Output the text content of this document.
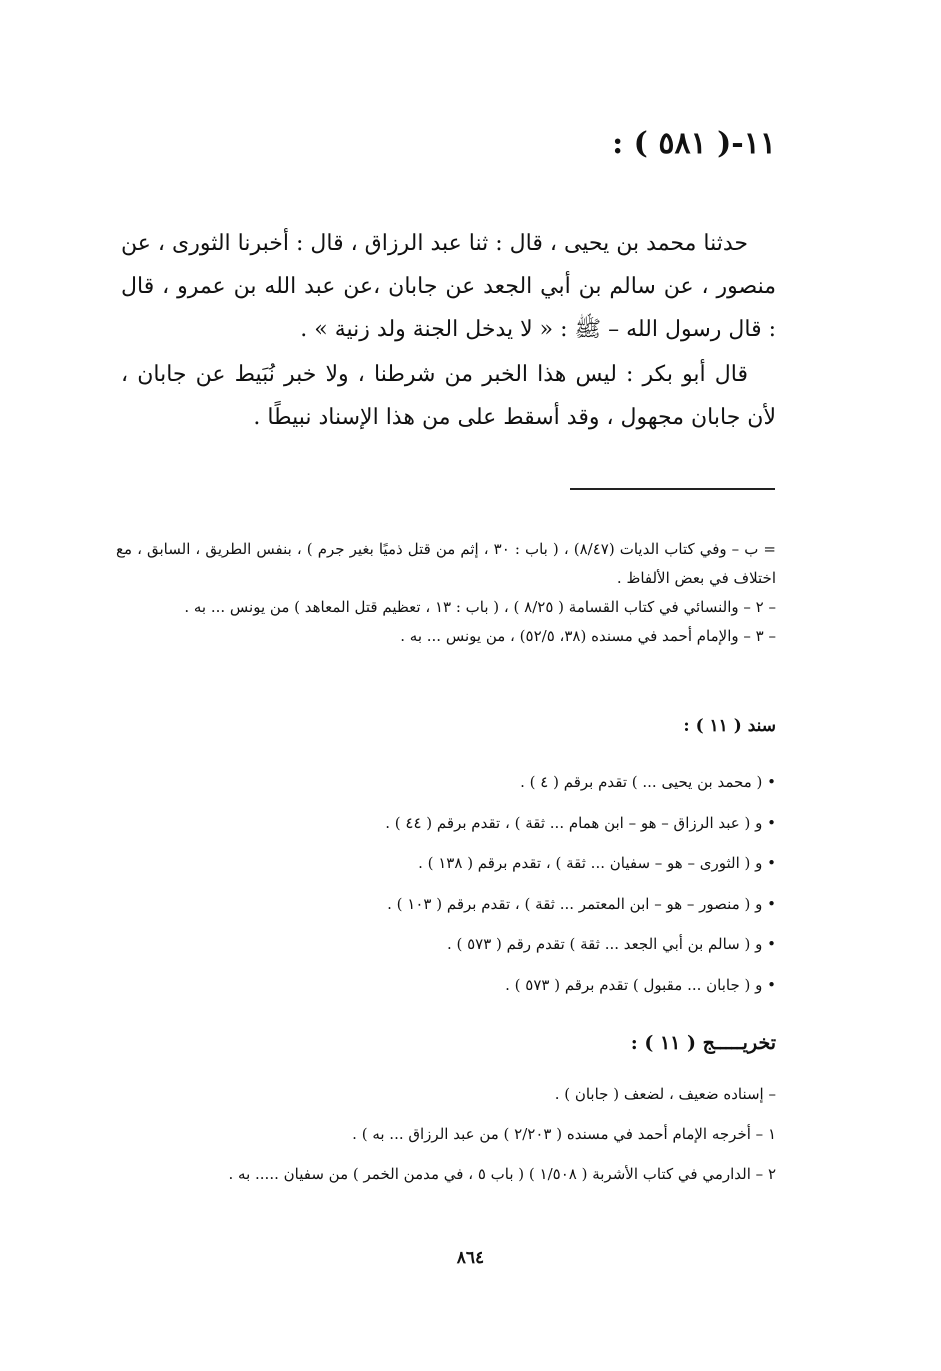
١١-( ٥٨١ ) :

حدثنا محمد بن يحيى ، قال : ثنا عبد الرزاق ، قال : أخبرنا الثورى ، عن منصور ، عن سالم بن أبي الجعد عن جابان ،عن عبد الله بن عمرو ، قال : قال رسول الله – ﷺ : « لا يدخل الجنة ولد زنية » .

قال أبو بكر : ليس هذا الخبر من شرطنا ، ولا خبر نُبَيط عن جابان ، لأن جابان مجهول ، وقد أسقط على من هذا الإسناد نبيطًا .

= ب – وفي كتاب الديات (٨/٤٧) ، ( باب : ٣٠ ، إثم من قتل ذميًا بغير جرم ) ، بنفس الطريق ، السابق ، مع اختلاف في بعض الألفاظ .

– ٢ – والنسائي في كتاب القسامة ( ٨/٢٥ ) ، ( باب : ١٣ ، تعظيم قتل المعاهد ) من يونس ... به .

– ٣ – والإمام أحمد في مسنده (٣٨، ٥٢/٥) ، من يونس ... به .

سند ( ١١ ) :
• ( محمد بن يحيى ... ) تقدم برقم ( ٤ ) .
• و ( عبد الرزاق – هو – ابن همام ... ثقة ) ، تقدم برقم ( ٤٤ ) .
• و ( الثورى – هو – سفيان ... ثقة ) ، تقدم برقم ( ١٣٨ ) .
• و ( منصور – هو – ابن المعتمر ... ثقة ) ، تقدم برقم ( ١٠٣ ) .
• و ( سالم بن أبي الجعد ... ثقة ) تقدم رقم ( ٥٧٣ ) .
• و ( جابان ... مقبول ) تقدم برقم ( ٥٧٣ ) .
تخريـــــج ( ١١ ) :
– إسناده ضعيف ، لضعف ( جابان ) .
١ – أخرجه الإمام أحمد في مسنده ( ٢/٢٠٣ ) من عبد الرزاق ... به ) .
٢ – الدارمي في كتاب الأشربة ( ١/٥٠٨ ) ( باب ٥ ، في مدمن الخمر ) من سفيان ..... به .
٨٦٤
